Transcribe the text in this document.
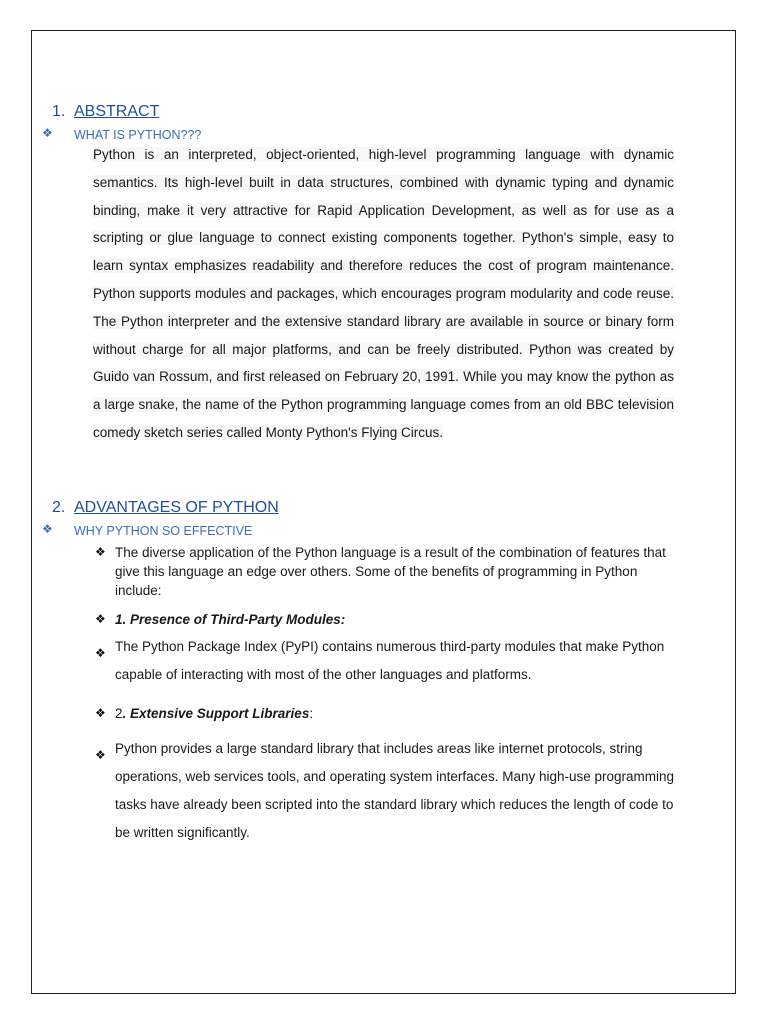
1. ABSTRACT
❖
WHAT IS PYTHON???

Python is an interpreted, object-oriented, high-level programming language with dynamic semantics. Its high-level built in data structures, combined with dynamic typing and dynamic binding, make it very attractive for Rapid Application Development, as well as for use as a scripting or glue language to connect existing components together. Python's simple, easy to learn syntax emphasizes readability and therefore reduces the cost of program maintenance. Python supports modules and packages, which encourages program modularity and code reuse. The Python interpreter and the extensive standard library are available in source or binary form without charge for all major platforms, and can be freely distributed. Python was created by Guido van Rossum, and first released on February 20, 1991. While you may know the python as a large snake, the name of the Python programming language comes from an old BBC television comedy sketch series called Monty Python's Flying Circus.

2. ADVANTAGES OF PYTHON
❖
WHY PYTHON SO EFFECTIVE
❖
The diverse application of the Python language is a result of the combination of features that give this language an edge over others. Some of the benefits of programming in Python include:
❖
1. Presence of Third-Party Modules:
❖
The Python Package Index (PyPI) contains numerous third-party modules that make Python capable of interacting with most of the other languages and platforms.
❖
2. Extensive Support Libraries:
❖
Python provides a large standard library that includes areas like internet protocols, string operations, web services tools, and operating system interfaces. Many high-use programming tasks have already been scripted into the standard library which reduces the length of code to be written significantly.
